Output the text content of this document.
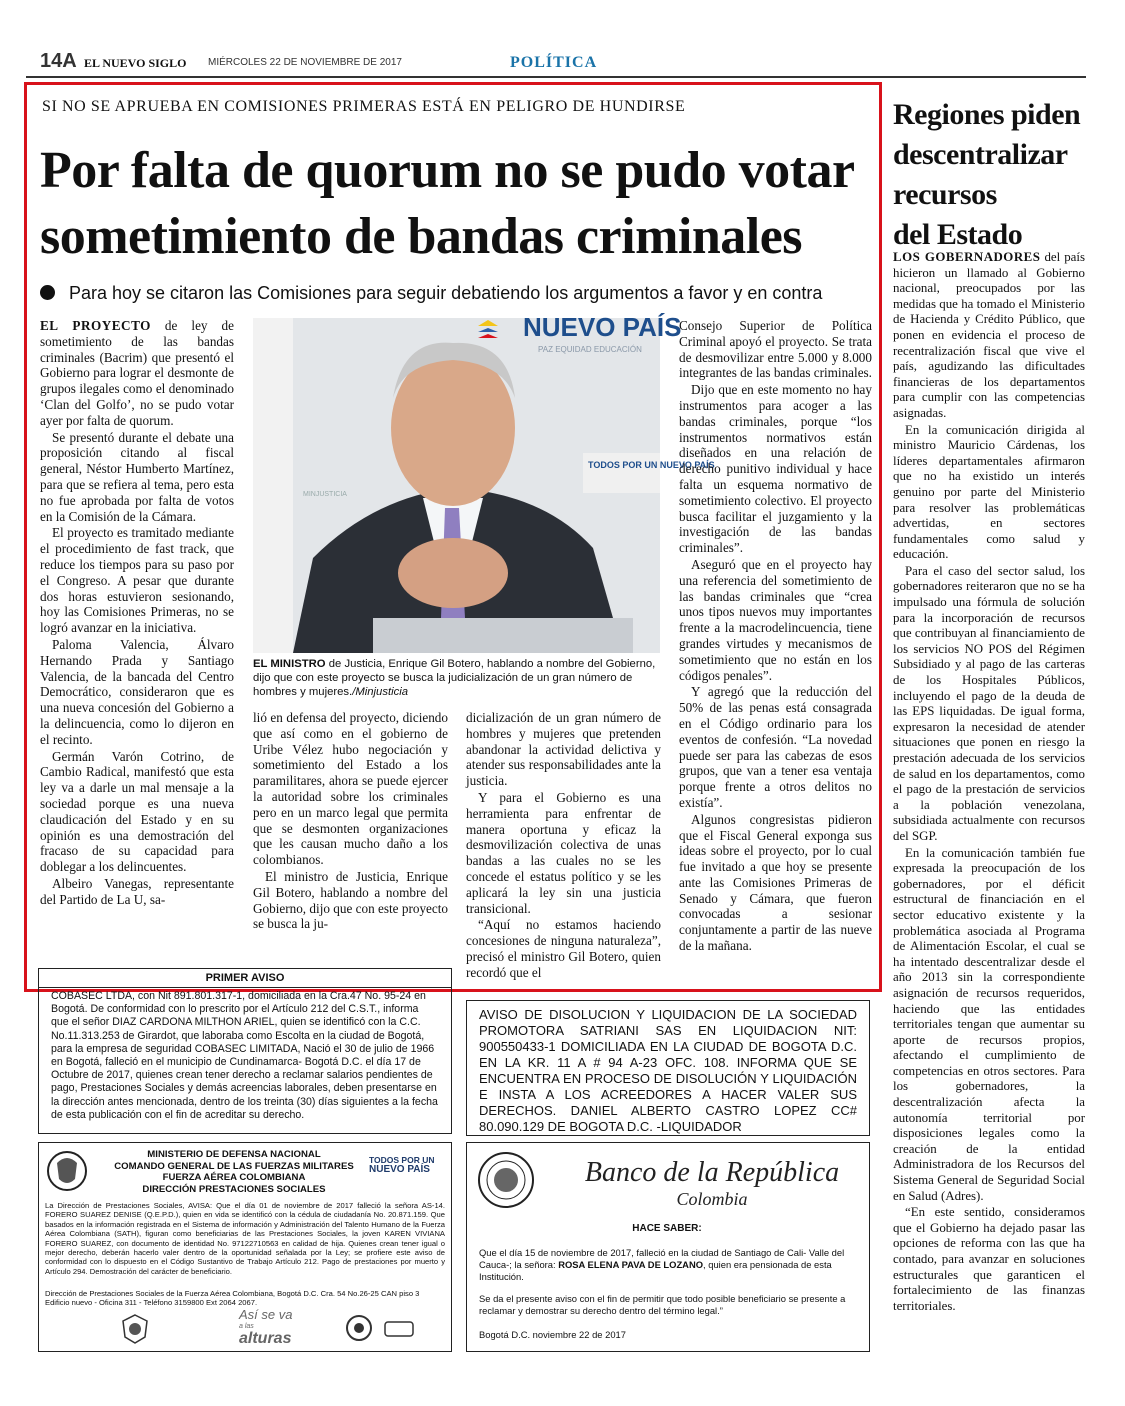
14A EL NUEVO SIGLO MIÉRCOLES 22 DE NOVIEMBRE DE 2017	POLÍTICA
SI NO SE APRUEBA EN COMISIONES PRIMERAS ESTÁ EN PELIGRO DE HUNDIRSE
Por falta de quorum no se pudo votar
sometimiento de bandas criminales
Para hoy se citaron las Comisiones para seguir debatiendo los argumentos a favor y en contra

EL PROYECTO de ley de sometimiento de las bandas criminales (Bacrim) que presentó el Gobierno para lograr el desmonte de grupos ilegales como el denominado ‘Clan del Golfo’, no se pudo votar ayer por falta de quorum.

Se presentó durante el debate una proposición citando al fiscal general, Néstor Humberto Martínez, para que se refiera al tema, pero esta no fue aprobada por falta de votos en la Comisión de la Cámara.

El proyecto es tramitado mediante el procedimiento de fast track, que reduce los tiempos para su paso por el Congreso. A pesar que durante dos horas estuvieron sesionando, hoy las Comisiones Primeras, no se logró avanzar en la iniciativa.

Paloma Valencia, Álvaro Hernando Prada y Santiago Valencia, de la bancada del Centro Democrático, consideraron que es una nueva concesión del Gobierno a la delincuencia, como lo dijeron en el recinto.

Germán Varón Cotrino, de Cambio Radical, manifestó que esta ley va a darle un mal mensaje a la sociedad porque es una nueva claudicación del Estado y en su opinión es una demostración del fracaso de su capacidad para doblegar a los delincuentes.

Albeiro Vanegas, representante del Partido de La U, sa-

NUEVO PAÍS
PAZ EQUIDAD EDUCACIÓN
TODOS POR UN NUEVO PAÍS
MINJUSTICIA
EL MINISTRO de Justicia, Enrique Gil Botero, hablando a nombre del Gobierno, dijo que con este proyecto se busca la judicialización de un gran número de hombres y mujeres./Minjusticia

lió en defensa del proyecto, diciendo que así como en el gobierno de Uribe Vélez hubo negociación y sometimiento del Estado a los paramilitares, ahora se puede ejercer la autoridad sobre los criminales pero en un marco legal que permita que se desmonten organizaciones que les causan mucho daño a los colombianos.

El ministro de Justicia, Enrique Gil Botero, hablando a nombre del Gobierno, dijo que con este proyecto se busca la ju-

dicialización de un gran número de hombres y mujeres que pretenden abandonar la actividad delictiva y atender sus responsabilidades ante la justicia.

Y para el Gobierno es una herramienta para enfrentar de manera oportuna y eficaz la desmovilización colectiva de unas bandas a las cuales no se les concede el estatus político y se les aplicará la ley sin una justicia transicional.

“Aquí no estamos haciendo concesiones de ninguna naturaleza”, precisó el ministro Gil Botero, quien recordó que el

Consejo Superior de Política Criminal apoyó el proyecto. Se trata de desmovilizar entre 5.000 y 8.000 integrantes de las bandas criminales.

Dijo que en este momento no hay instrumentos para acoger a las bandas criminales, porque “los instrumentos normativos están diseñados en una relación de derecho punitivo individual y hace falta un esquema normativo de sometimiento colectivo. El proyecto busca facilitar el juzgamiento y la investigación de las bandas criminales”.

Aseguró que en el proyecto hay una referencia del sometimiento de las bandas criminales que “crea unos tipos nuevos muy importantes frente a la macrodelincuencia, tiene grandes virtudes y mecanismos de sometimiento que no están en los códigos penales”.

Y agregó que la reducción del 50% de las penas está consagrada en el Código ordinario para los eventos de confesión. “La novedad puede ser para las cabezas de esos grupos, que van a tener esa ventaja porque frente a otros delitos no existía”.

Algunos congresistas pidieron que el Fiscal General exponga sus ideas sobre el proyecto, por lo cual fue invitado a que hoy se presente ante las Comisiones Primeras de Senado y Cámara, que fueron convocadas a sesionar conjuntamente a partir de las nueve de la mañana.

Regiones piden
descentralizar
recursos
del Estado

LOS GOBERNADORES del país hicieron un llamado al Gobierno nacional, preocupados por las medidas que ha tomado el Ministerio de Hacienda y Crédito Público, que ponen en evidencia el proceso de recentralización fiscal que vive el país, agudizando las dificultades financieras de los departamentos para cumplir con las competencias asignadas.

En la comunicación dirigida al ministro Mauricio Cárdenas, los líderes departamentales afirmaron que no ha existido un interés genuino por parte del Ministerio para resolver las problemáticas advertidas, en sectores fundamentales como salud y educación.

Para el caso del sector salud, los gobernadores reiteraron que no se ha impulsado una fórmula de solución para la incorporación de recursos que contribuyan al financiamiento de los servicios NO POS del Régimen Subsidiado y al pago de las carteras de los Hospitales Públicos, incluyendo el pago de la deuda de las EPS liquidadas. De igual forma, expresaron la necesidad de atender situaciones que ponen en riesgo la prestación adecuada de los servicios de salud en los departamentos, como el pago de la prestación de servicios a la población venezolana, subsidiada actualmente con recursos del SGP.

En la comunicación también fue expresada la preocupación de los gobernadores, por el déficit estructural de financiación en el sector educativo existente y la problemática asociada al Programa de Alimentación Escolar, el cual se ha intentado descentralizar desde el año 2013 sin la correspondiente asignación de recursos requeridos, haciendo que las entidades territoriales tengan que aumentar su aporte de recursos propios, afectando el cumplimiento de competencias en otros sectores. Para los gobernadores, la descentralización afecta la autonomía territorial por disposiciones legales como la creación de la entidad Administradora de los Recursos del Sistema General de Seguridad Social en Salud (Adres).

“En este sentido, consideramos que el Gobierno ha dejado pasar las opciones de reforma con las que ha contado, para avanzar en soluciones estructurales que garanticen el fortalecimiento de las finanzas territoriales.

PRIMER AVISO
COBASEC LTDA, con Nit 891.801.317-1, domiciliada en la Cra.47 No. 95-24 en Bogotá. De conformidad con lo prescrito por el Artículo 212 del C.S.T., informa que el señor DIAZ CARDONA MILTHON ARIEL, quien se identificó con la C.C. No.11.313.253 de Girardot, que laboraba como Escolta en la ciudad de Bogotá, para la empresa de seguridad COBASEC LIMITADA, Nació el 30 de julio de 1966 en Bogotá, falleció en el municipio de Cundinamarca- Bogotá D.C. el día 17 de Octubre de 2017, quienes crean tener derecho a reclamar salarios pendientes de pago, Prestaciones Sociales y demás acreencias laborales, deben presentarse en la dirección antes mencionada, dentro de los treinta (30) días siguientes a la fecha de esta publicación con el fin de acreditar su derecho.
AVISO DE DISOLUCION Y LIQUIDACION DE LA SOCIEDAD PROMOTORA SATRIANI SAS EN LIQUIDACION NIT: 900550433-1 DOMICILIADA EN LA CIUDAD DE BOGOTA D.C. EN LA KR. 11 A # 94 A-23 OFC. 108. INFORMA QUE SE ENCUENTRA EN PROCESO DE DISOLUCIÓN Y LIQUIDACIÓN E INSTA A LOS ACREEDORES A HACER VALER SUS DERECHOS. DANIEL ALBERTO CASTRO LOPEZ CC# 80.090.129 DE BOGOTA D.C. -LIQUIDADOR
MINISTERIO DE DEFENSA NACIONAL
COMANDO GENERAL DE LAS FUERZAS MILITARES
FUERZA AÉREA COLOMBIANA
DIRECCIÓN PRESTACIONES SOCIALES
TODOS POR UN
NUEVO PAÍS
La Dirección de Prestaciones Sociales, AVISA: Que el día 01 de noviembre de 2017 falleció la señora AS-14. FORERO SUAREZ DENISE (Q.E.P.D.), quien en vida se identificó con la cédula de ciudadanía No. 20.871.159. Que basados en la información registrada en el Sistema de información y Administración del Talento Humano de la Fuerza Aérea Colombiana (SATH), figuran como beneficiarias de las Prestaciones Sociales, la joven KAREN VIVIANA FORERO SUAREZ, con documento de identidad No. 97122710563 en calidad de hija. Quienes crean tener igual o mejor derecho, deberán hacerlo valer dentro de la oportunidad señalada por la Ley; se profiere este aviso de conformidad con lo dispuesto en el Código Sustantivo de Trabajo Artículo 212. Pago de prestaciones por muerto y Artículo 294. Demostración del carácter de beneficiario.
Dirección de Prestaciones Sociales de la Fuerza Aérea Colombiana, Bogotá D.C. Cra. 54 No.26-25 CAN piso 3 Edificio nuevo - Oficina 311 - Teléfono 3159800 Ext 2064 2067.
Así se va
a las
alturas
Banco de la República
Colombia
HACE SABER:
Que el día 15 de noviembre de 2017, falleció en la ciudad de Santiago de Cali- Valle del Cauca-; la señora: ROSA ELENA PAVA DE LOZANO, quien era pensionada de esta Institución.
Se da el presente aviso con el fin de permitir que todo posible beneficiario se presente a reclamar y demostrar su derecho dentro del término legal.”
Bogotá D.C. noviembre 22 de 2017
